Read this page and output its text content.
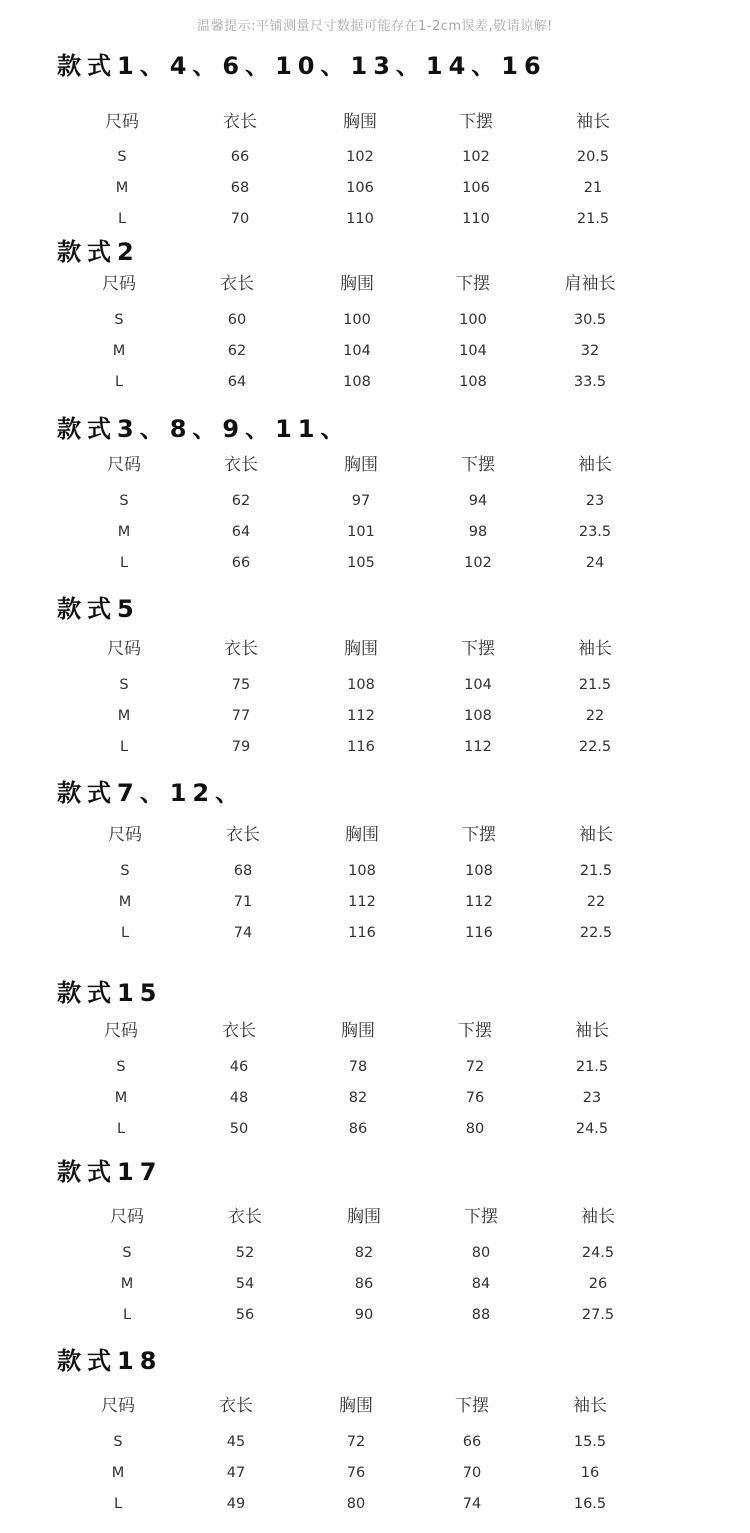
温馨提示:平铺测量尺寸数据可能存在1-2cm误差,敬请谅解!
款式1、4、6、10、13、14、16
尺码	衣长	胸围	下摆	袖长
S	66	102	102	20.5
M	68	106	106	21
L	70	110	110	21.5
款式2
尺码	衣长	胸围	下摆	肩袖长
S	60	100	100	30.5
M	62	104	104	32
L	64	108	108	33.5
款式3、8、9、11、
尺码	衣长	胸围	下摆	袖长
S	62	97	94	23
M	64	101	98	23.5
L	66	105	102	24
款式5
尺码	衣长	胸围	下摆	袖长
S	75	108	104	21.5
M	77	112	108	22
L	79	116	112	22.5
款式7、12、
尺码	衣长	胸围	下摆	袖长
S	68	108	108	21.5
M	71	112	112	22
L	74	116	116	22.5
款式15
尺码	衣长	胸围	下摆	袖长
S	46	78	72	21.5
M	48	82	76	23
L	50	86	80	24.5
款式17
尺码	衣长	胸围	下摆	袖长
S	52	82	80	24.5
M	54	86	84	26
L	56	90	88	27.5
款式18
尺码	衣长	胸围	下摆	袖长
S	45	72	66	15.5
M	47	76	70	16
L	49	80	74	16.5
